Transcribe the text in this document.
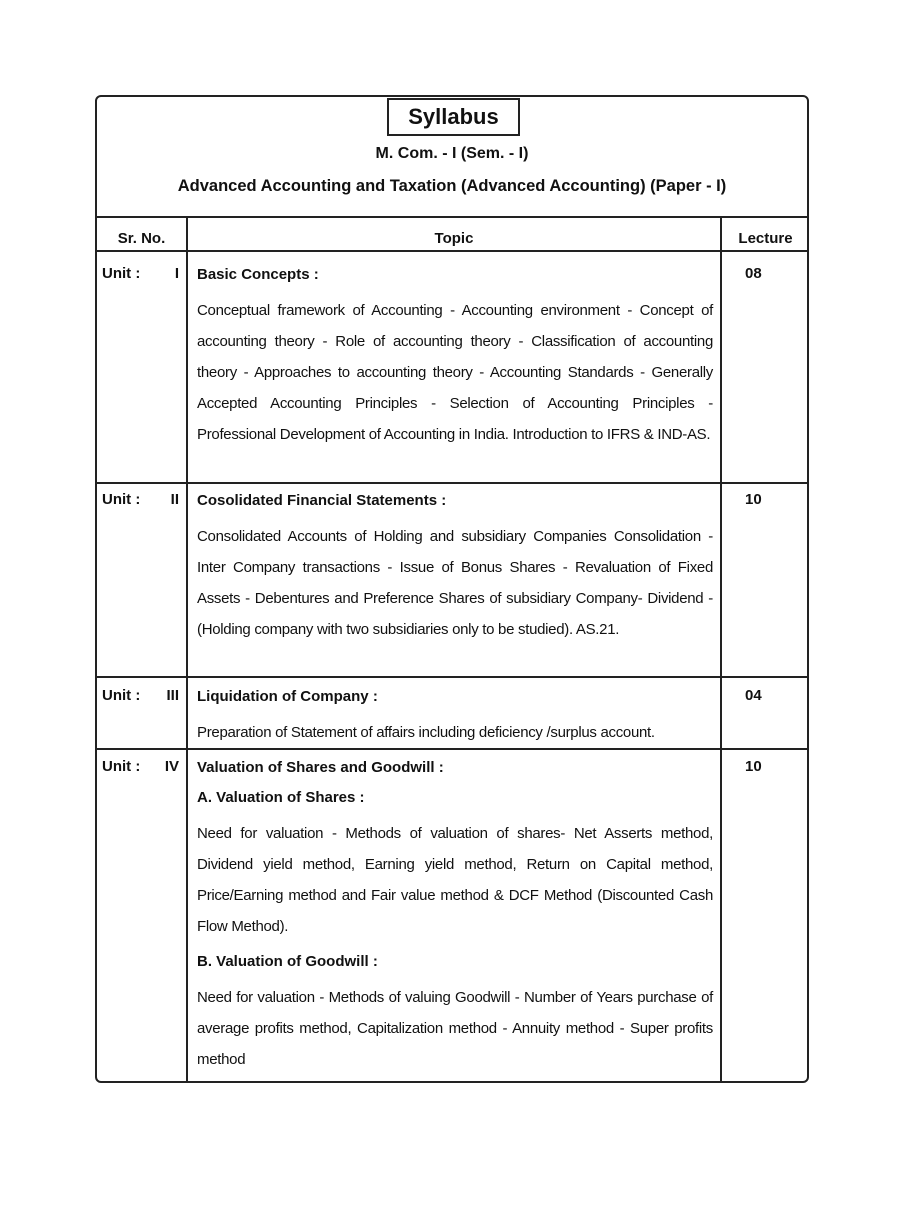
Syllabus
M. Com. - I (Sem. - I)
Advanced Accounting and Taxation (Advanced Accounting) (Paper - I)
Sr. No.	Topic	Lecture
Unit : I Basic Concepts :
Conceptual framework of Accounting - Accounting environment - Concept of accounting theory - Role of accounting theory - Classification of accounting theory - Approaches to accounting theory - Accounting Standards - Generally Accepted Accounting Principles - Selection of Accounting Principles - Professional Development of Accounting in India. Introduction to IFRS & IND-AS.
08
Unit : II Cosolidated Financial Statements :
Consolidated Accounts of Holding and subsidiary Companies Consolidation - Inter Company transactions - Issue of Bonus Shares - Revaluation of Fixed Assets - Debentures and Preference Shares of subsidiary Company- Dividend - (Holding company with two subsidiaries only to be studied). AS.21.
10
Unit : III Liquidation of Company :
Preparation of Statement of affairs including deficiency /surplus account.
04
Unit : IV Valuation of Shares and Goodwill :
A. Valuation of Shares :
Need for valuation - Methods of valuation of shares- Net Asserts method, Dividend yield method, Earning yield method, Return on Capital method, Price/Earning method and Fair value method & DCF Method (Discounted Cash Flow Method).
B. Valuation of Goodwill :
Need for valuation - Methods of valuing Goodwill - Number of Years purchase of average profits method, Capitalization method - Annuity method - Super profits method
10
